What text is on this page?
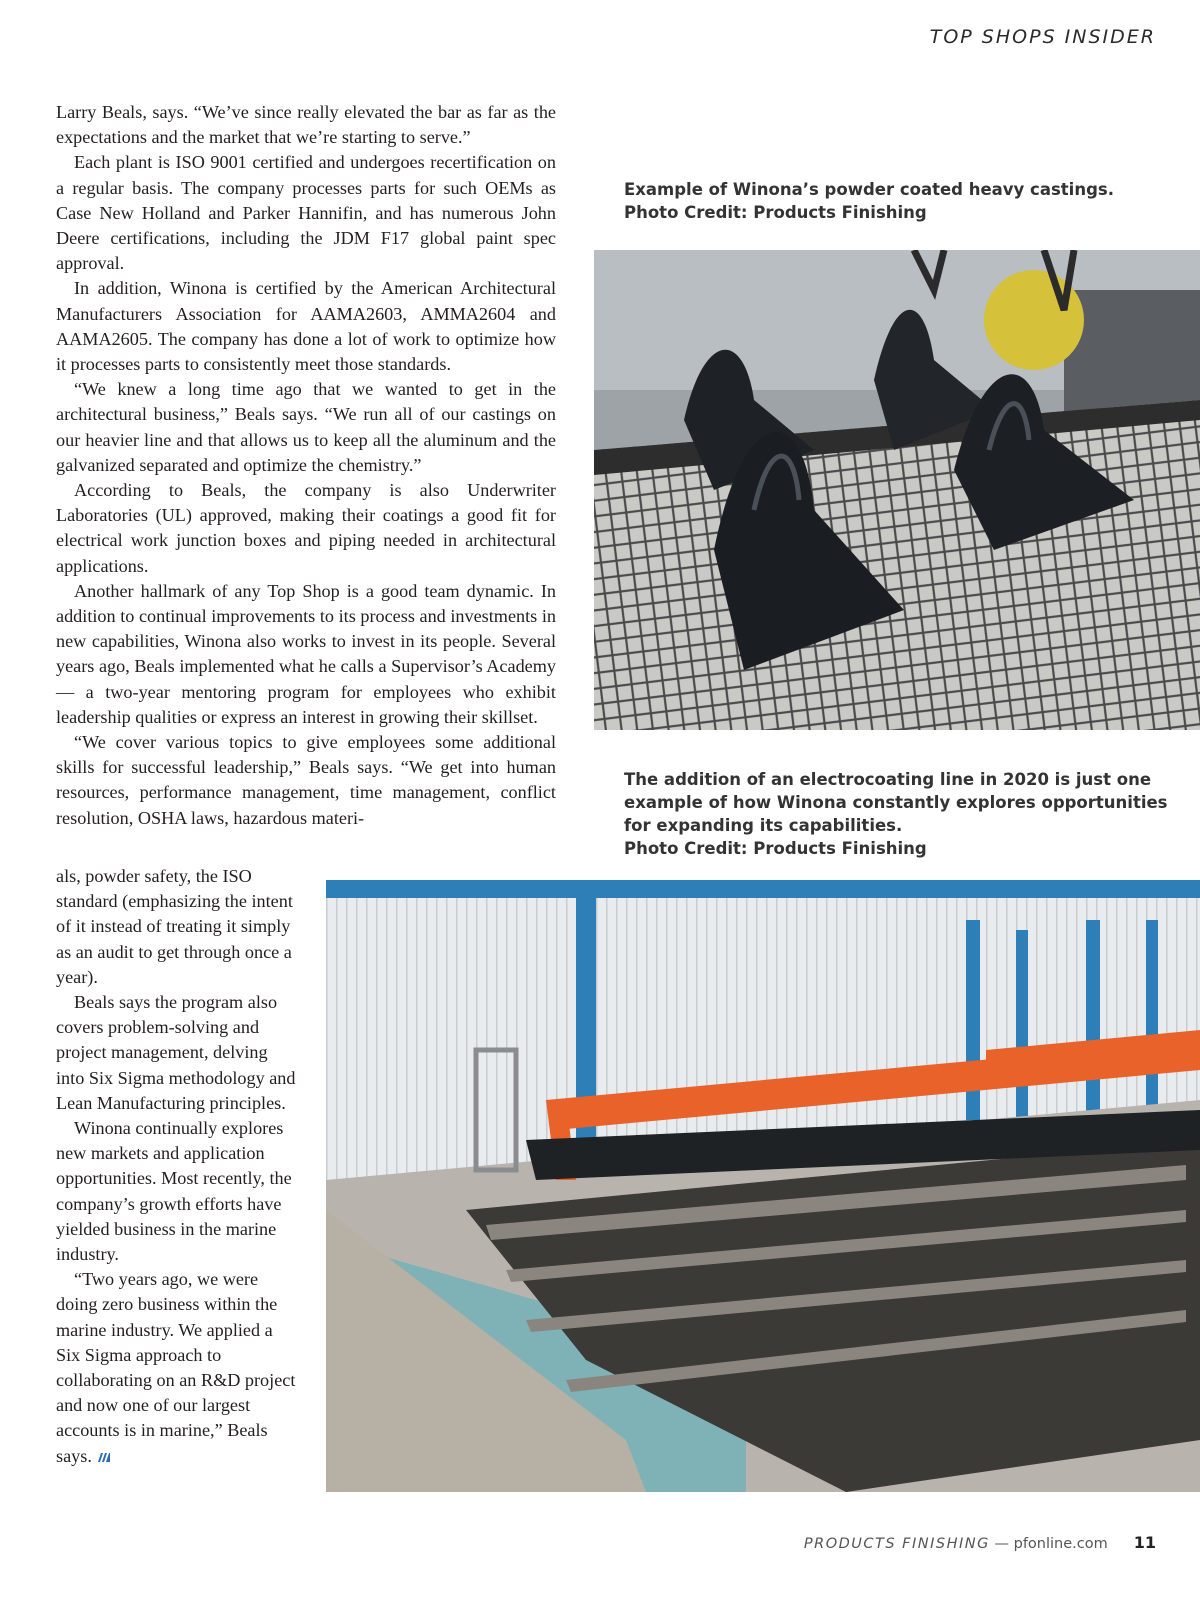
TOP SHOPS INSIDER

Larry Beals, says. “We’ve since really elevated the bar as far as the expectations and the market that we’re starting to serve.”

Each plant is ISO 9001 certified and undergoes recertification on a regular basis. The company processes parts for such OEMs as Case New Holland and Parker Hannifin, and has numerous John Deere certifications, including the JDM F17 global paint spec approval.

In addition, Winona is certified by the American Architectural Manufacturers Association for AAMA2603, AMMA2604 and AAMA2605. The company has done a lot of work to optimize how it processes parts to consistently meet those standards.

“We knew a long time ago that we wanted to get in the architectural business,” Beals says. “We run all of our castings on our heavier line and that allows us to keep all the aluminum and the galvanized separated and optimize the chemistry.”

According to Beals, the company is also Underwriter Laboratories (UL) approved, making their coatings a good fit for electrical work junction boxes and piping needed in architectural applications.

Another hallmark of any Top Shop is a good team dynamic. In addition to continual improvements to its process and investments in new capabilities, Winona also works to invest in its people. Several years ago, Beals implemented what he calls a Supervisor’s Academy — a two-year mentoring program for employees who exhibit leadership qualities or express an interest in growing their skillset.

“We cover various topics to give employees some additional skills for successful leadership,” Beals says. “We get into human resources, performance management, time management, conflict resolution, OSHA laws, hazardous materi-

als, powder safety, the ISO standard (emphasizing the intent of it instead of treating it simply as an audit to get through once a year).

Beals says the program also covers problem-solving and project management, delving into Six Sigma methodology and Lean Manufacturing principles.

Winona continually explores new markets and application opportunities. Most recently, the company’s growth efforts have yielded business in the marine industry.

“Two years ago, we were doing zero business within the marine industry. We applied a Six Sigma approach to collaborating on an R&D project and now one of our largest accounts is in marine,” Beals says.

Example of Winona’s powder coated heavy castings.
Photo Credit: Products Finishing
The addition of an electrocoating line in 2020 is just one
example of how Winona constantly explores opportunities
for expanding its capabilities.
Photo Credit: Products Finishing
PRODUCTS FINISHING — pfonline.com 11
